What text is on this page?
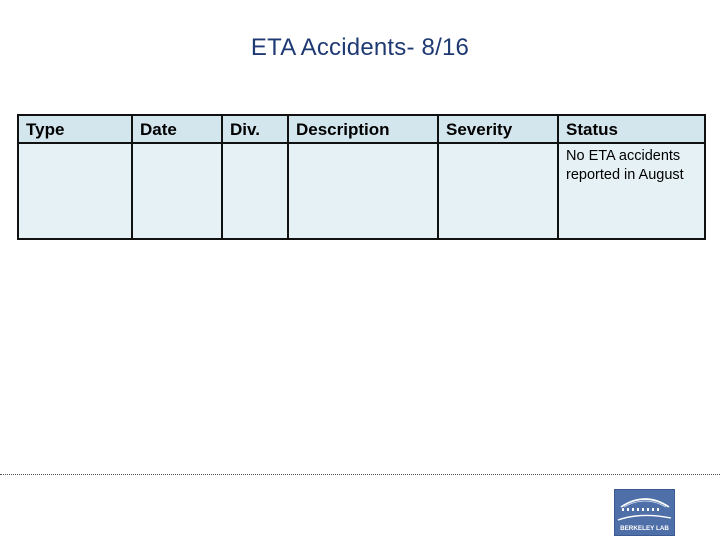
ETA Accidents- 8/16
Type	Date	Div.	Description	Severity	Status
					No ETA accidents reported in August
BERKELEY LAB
